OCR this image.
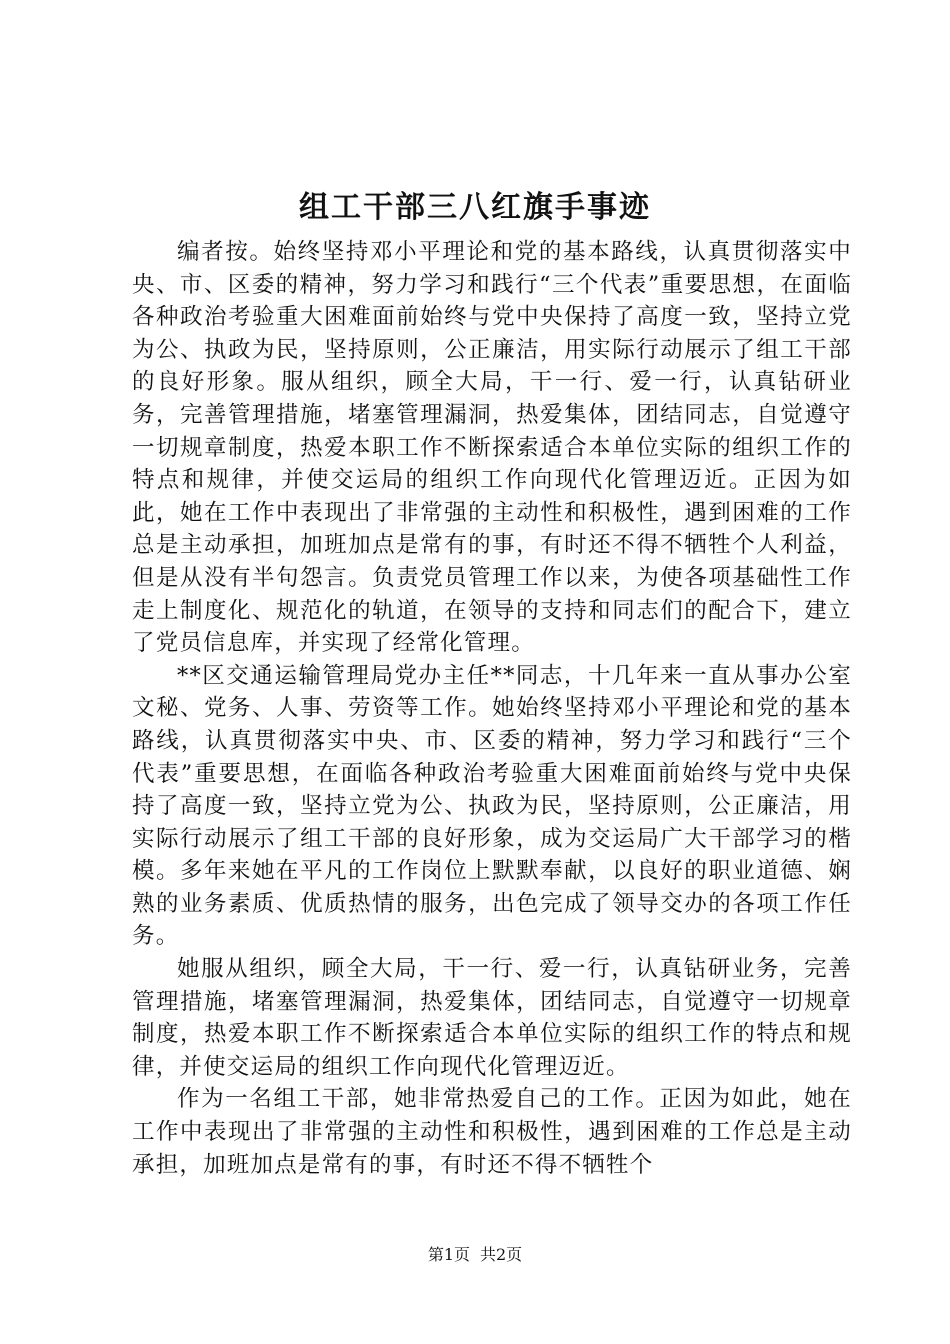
组工干部三八红旗手事迹

编者按。始终坚持邓小平理论和党的基本路线，认真贯彻落实中央、市、区委的精神，努力学习和践行“三个代表”重要思想，在面临各种政治考验重大困难面前始终与党中央保持了高度一致，坚持立党为公、执政为民，坚持原则，公正廉洁，用实际行动展示了组工干部的良好形象。服从组织，顾全大局，干一行、爱一行，认真钻研业务，完善管理措施，堵塞管理漏洞，热爱集体，团结同志，自觉遵守一切规章制度，热爱本职工作不断探索适合本单位实际的组织工作的特点和规律，并使交运局的组织工作向现代化管理迈近。正因为如此，她在工作中表现出了非常强的主动性和积极性，遇到困难的工作总是主动承担，加班加点是常有的事，有时还不得不牺牲个人利益，但是从没有半句怨言。负责党员管理工作以来，为使各项基础性工作走上制度化、规范化的轨道，在领导的支持和同志们的配合下，建立了党员信息库，并实现了经常化管理。

**区交通运输管理局党办主任**同志，十几年来一直从事办公室文秘、党务、人事、劳资等工作。她始终坚持邓小平理论和党的基本路线，认真贯彻落实中央、市、区委的精神，努力学习和践行“三个代表”重要思想，在面临各种政治考验重大困难面前始终与党中央保持了高度一致，坚持立党为公、执政为民，坚持原则，公正廉洁，用实际行动展示了组工干部的良好形象，成为交运局广大干部学习的楷模。多年来她在平凡的工作岗位上默默奉献，以良好的职业道德、娴熟的业务素质、优质热情的服务，出色完成了领导交办的各项工作任务。

她服从组织，顾全大局，干一行、爱一行，认真钻研业务，完善管理措施，堵塞管理漏洞，热爱集体，团结同志，自觉遵守一切规章制度，热爱本职工作不断探索适合本单位实际的组织工作的特点和规律，并使交运局的组织工作向现代化管理迈近。

作为一名组工干部，她非常热爱自己的工作。正因为如此，她在工作中表现出了非常强的主动性和积极性，遇到困难的工作总是主动承担，加班加点是常有的事，有时还不得不牺牲个

第1页 共2页
